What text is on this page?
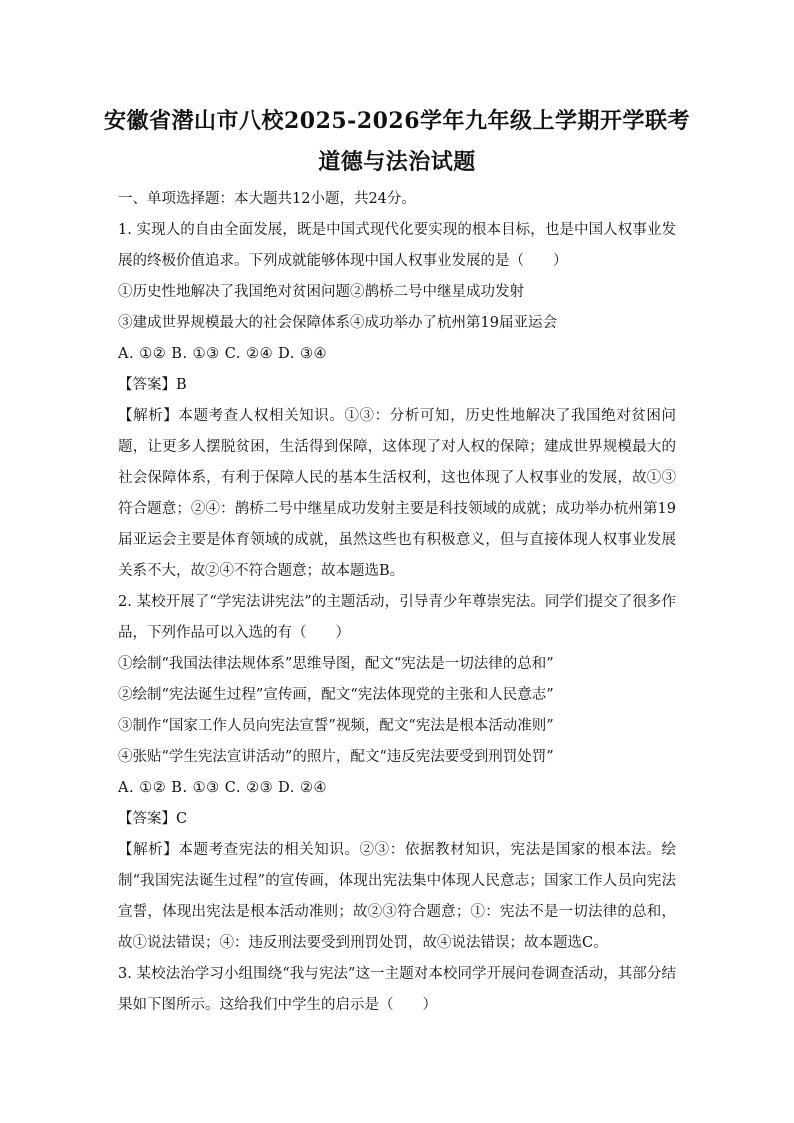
安徽省潜山市八校2025-2026学年九年级上学期开学联考
道德与法治试题

一、单项选择题：本大题共12小题，共24分。

1. 实现人的自由全面发展，既是中国式现代化要实现的根本目标，也是中国人权事业发展的终极价值追求。下列成就能够体现中国人权事业发展的是（　　）

①历史性地解决了我国绝对贫困问题②鹊桥二号中继星成功发射

③建成世界规模最大的社会保障体系④成功举办了杭州第19届亚运会

A. ①② B. ①③ C. ②④ D. ③④

【答案】B

【解析】本题考查人权相关知识。①③：分析可知，历史性地解决了我国绝对贫困问题，让更多人摆脱贫困，生活得到保障，这体现了对人权的保障；建成世界规模最大的社会保障体系，有利于保障人民的基本生活权利，这也体现了人权事业的发展，故①③符合题意；②④：鹊桥二号中继星成功发射主要是科技领域的成就；成功举办杭州第19届亚运会主要是体育领域的成就，虽然这些也有积极意义，但与直接体现人权事业发展关系不大，故②④不符合题意；故本题选B。

2. 某校开展了“学宪法讲宪法”的主题活动，引导青少年尊崇宪法。同学们提交了很多作品，下列作品可以入选的有（　　）

①绘制“我国法律法规体系”思维导图，配文“宪法是一切法律的总和”

②绘制“宪法诞生过程”宣传画，配文“宪法体现党的主张和人民意志”

③制作“国家工作人员向宪法宣誓”视频，配文“宪法是根本活动准则”

④张贴“学生宪法宣讲活动”的照片，配文“违反宪法要受到刑罚处罚”

A. ①② B. ①③ C. ②③ D. ②④

【答案】C

【解析】本题考查宪法的相关知识。②③：依据教材知识，宪法是国家的根本法。绘制“我国宪法诞生过程”的宣传画，体现出宪法集中体现人民意志；国家工作人员向宪法宣誓，体现出宪法是根本活动准则；故②③符合题意；①：宪法不是一切法律的总和，故①说法错误；④：违反刑法要受到刑罚处罚，故④说法错误；故本题选C。

3. 某校法治学习小组围绕“我与宪法”这一主题对本校同学开展问卷调查活动，其部分结果如下图所示。这给我们中学生的启示是（　　）
